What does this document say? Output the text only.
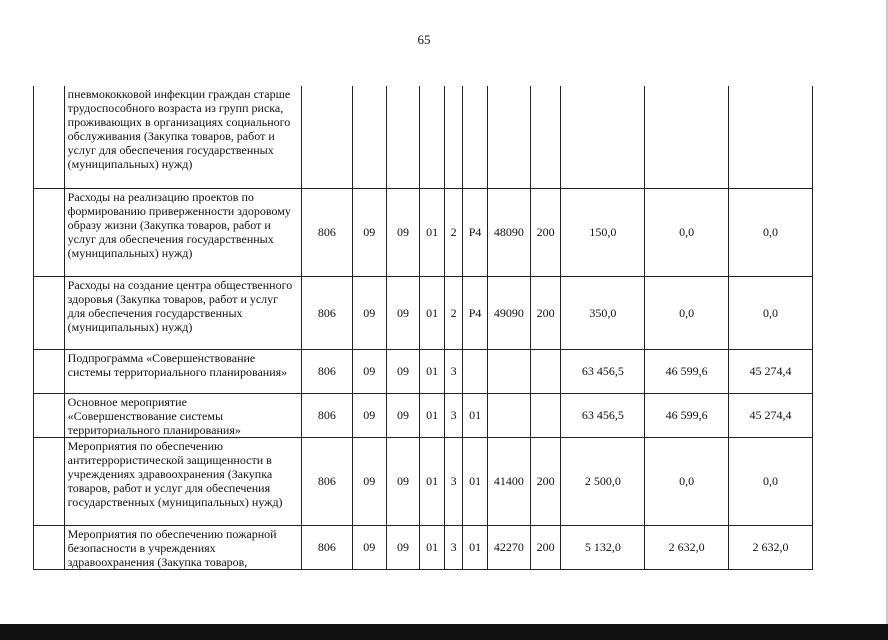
65
	пневмококковой инфекции граждан старше трудоспособного возраста из групп риска, проживающих в организациях социального обслуживания (Закупка товаров, работ и услуг для обеспечения государственных (муниципальных) нужд)											
	Расходы на реализацию проектов по формированию приверженности здоровому образу жизни (Закупка товаров, работ и услуг для обеспечения государственных (муниципальных) нужд)	806	09	09	01	2	P4	48090	200	150,0	0,0	0,0
	Расходы на создание центра общественного здоровья (Закупка товаров, работ и услуг для обеспечения государственных (муниципальных) нужд)	806	09	09	01	2	P4	49090	200	350,0	0,0	0,0
	Подпрограмма «Совершенствование системы территориального планирования»	806	09	09	01	3				63 456,5	46 599,6	45 274,4
	Основное мероприятие «Совершенствование системы территориального планирования»	806	09	09	01	3	01			63 456,5	46 599,6	45 274,4
	Мероприятия по обеспечению антитеррористической защищенности в учреждениях здравоохранения (Закупка товаров, работ и услуг для обеспечения государственных (муниципальных) нужд)	806	09	09	01	3	01	41400	200	2 500,0	0,0	0,0
	Мероприятия по обеспечению пожарной безопасности в учреждениях здравоохранения (Закупка товаров,	806	09	09	01	3	01	42270	200	5 132,0	2 632,0	2 632,0
